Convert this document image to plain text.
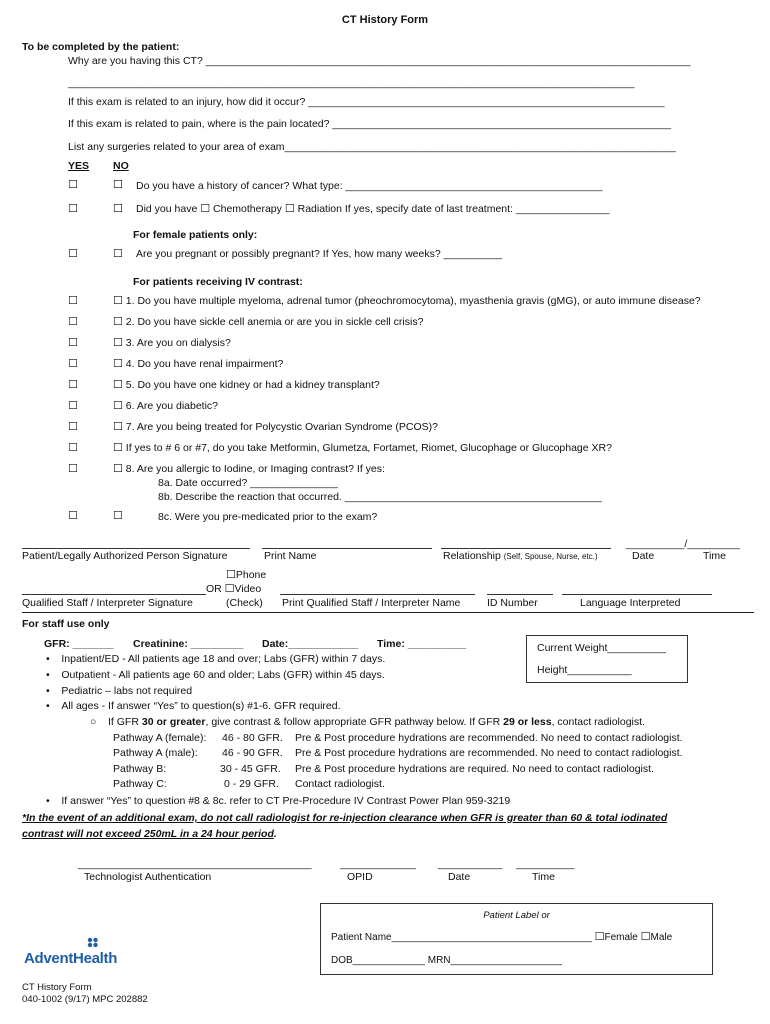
CT History Form
To be completed by the patient:
Why are you having this CT? ___________________________________________________________________________________
_________________________________________________________________________________________________
If this exam is related to an injury, how did it occur? _____________________________________________________________
If this exam is related to pain, where is the pain located? __________________________________________________________
List any surgeries related to your area of exam___________________________________________________________________
YES NO
☐	☐ Do you have a history of cancer? What type: ____________________________________________
☐	☐ Did you have ☐ Chemotherapy ☐ Radiation If yes, specify date of last treatment: ________________
For female patients only:
☐	☐ Are you pregnant or possibly pregnant? If Yes, how many weeks? __________
For patients receiving IV contrast:
☐	☐ 1. Do you have multiple myeloma, adrenal tumor (pheochromocytoma), myasthenia gravis (gMG), or auto immune disease?
☐	☐ 2. Do you have sickle cell anemia or are you in sickle cell crisis?
☐	☐ 3. Are you on dialysis?
☐	☐ 4. Do you have renal impairment?
☐	☐ 5. Do you have one kidney or had a kidney transplant?
☐	☐ 6. Are you diabetic?
☐	☐ 7. Are you being treated for Polycystic Ovarian Syndrome (PCOS)?
☐	☐ If yes to # 6 or #7, do you take Metformin, Glumetza, Fortamet, Riomet, Glucophage or Glucophage XR?
☐	☐ 8. Are you allergic to Iodine, or Imaging contrast? If yes:
8a. Date occurred? _______________
8b. Describe the reaction that occurred. ____________________________________________
☐	☐	8c. Were you pre-medicated prior to the exam?
__________/_________
Patient/Legally Authorized Person Signature	Print Name	Relationship (Self, Spouse, Nurse, etc.)	Date	Time
☐Phone
OR ☐Video
Qualified Staff / Interpreter Signature	(Check) Print Qualified Staff / Interpreter Name	ID Number	Language Interpreted
For staff use only
GFR: _______ Creatinine: _________ Date:____________ Time: __________	Current Weight__________
Height___________
•    Inpatient/ED - All patients age 18 and over; Labs (GFR) within 7 days.
•    Outpatient - All patients age 60 and older; Labs (GFR) within 45 days.
•    Pediatric – labs not required
•    All ages - If answer “Yes” to question(s) #1-6. GFR required.
○    If GFR 30 or greater, give contrast & follow appropriate GFR pathway below. If GFR 29 or less, contact radiologist.
Pathway A (female): 46 - 80 GFR. Pre & Post procedure hydrations are recommended. No need to contact radiologist.
Pathway A (male): 46 - 90 GFR. Pre & Post procedure hydrations are recommended. No need to contact radiologist.
Pathway B:	30 - 45 GFR. Pre & Post procedure hydrations are required. No need to contact radiologist.
Pathway C:	0 - 29 GFR. Contact radiologist.
•    If answer “Yes” to question #8 & 8c. refer to CT Pre-Procedure IV Contrast Power Plan 959-3219
*In the event of an additional exam, do not call radiologist for re-injection clearance when GFR is greater than 60 & total iodinated
contrast will not exceed 250mL in a 24 hour period.
________________________________________	_____________ ___________ __________
Technologist Authentication	OPID	Date	Time
Patient Label or
Patient Name____________________________________ ☐Female ☐Male
DOB_____________ MRN____________________
AdventHealth
CT History Form
040-1002 (9/17) MPC 202882
